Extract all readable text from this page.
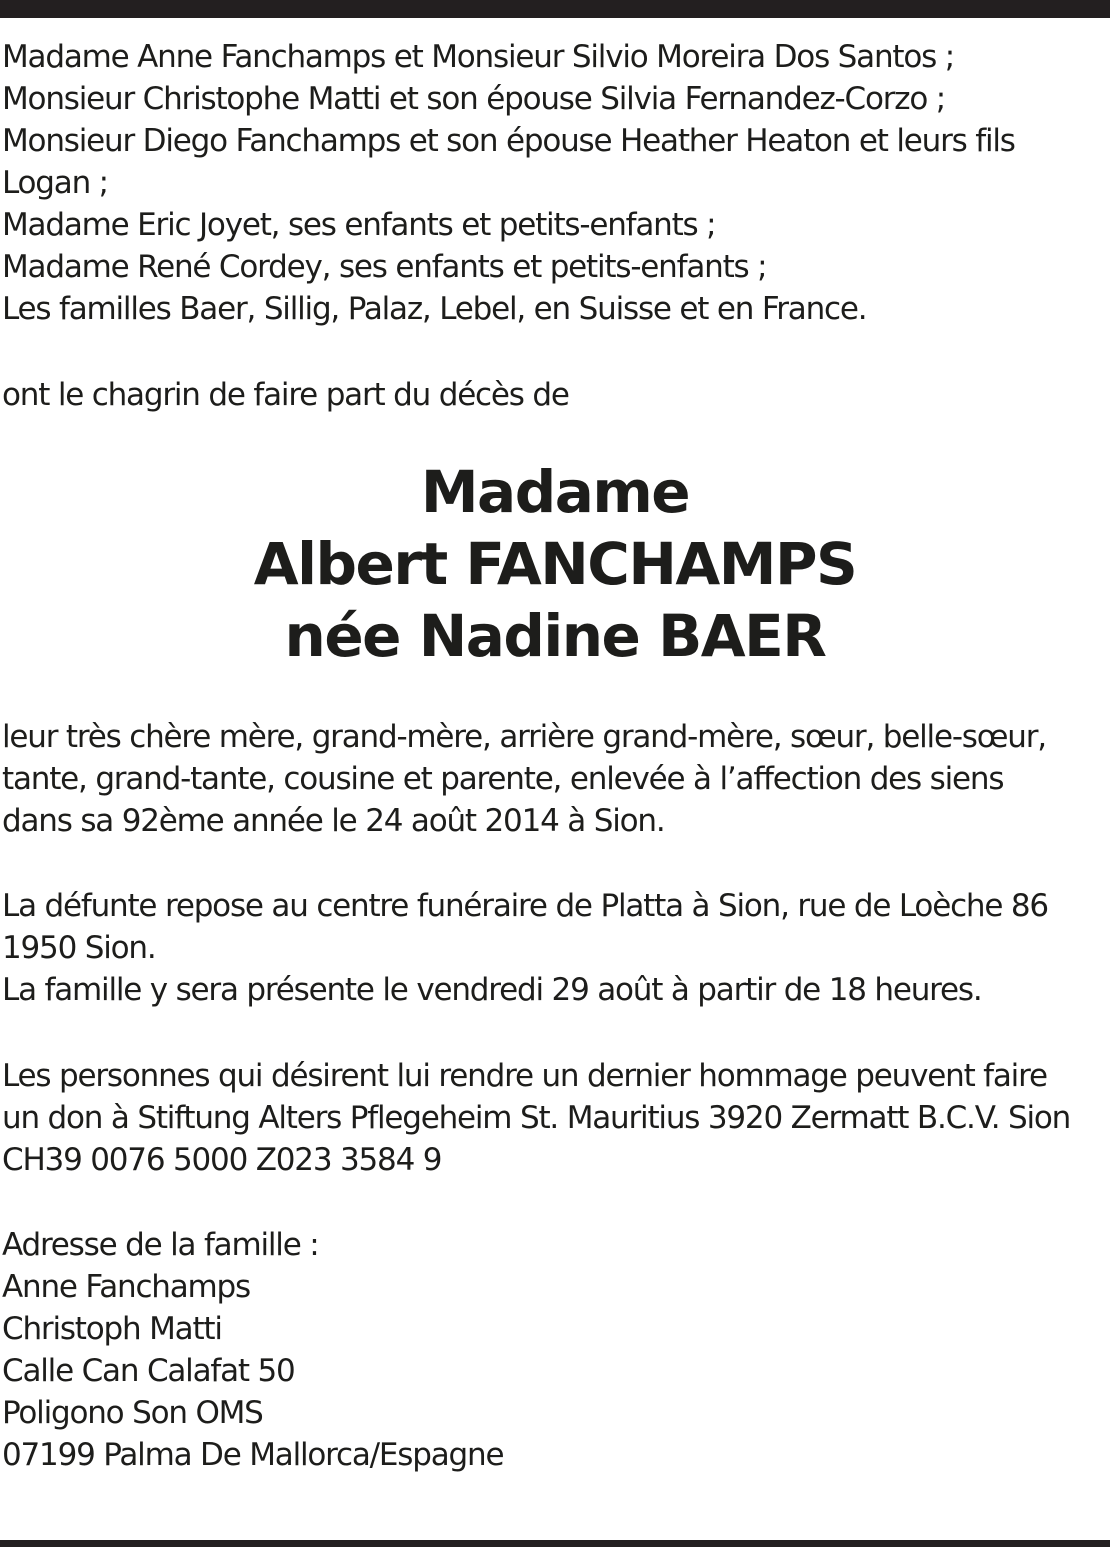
Madame Anne Fanchamps et Monsieur Silvio Moreira Dos Santos ;
Monsieur Christophe Matti et son épouse Silvia Fernandez-Corzo ;
Monsieur Diego Fanchamps et son épouse Heather Heaton et leurs fils
Logan ;
Madame Eric Joyet, ses enfants et petits-enfants ;
Madame René Cordey, ses enfants et petits-enfants ;
Les familles Baer, Sillig, Palaz, Lebel, en Suisse et en France.
ont le chagrin de faire part du décès de
Madame
Albert FANCHAMPS
née Nadine BAER
leur très chère mère, grand-mère, arrière grand-mère, sœur, belle-sœur,
tante, grand-tante, cousine et parente, enlevée à l’affection des siens
dans sa 92ème année le 24 août 2014 à Sion.
La défunte repose au centre funéraire de Platta à Sion, rue de Loèche 86
1950 Sion.
La famille y sera présente le vendredi 29 août à partir de 18 heures.
Les personnes qui désirent lui rendre un dernier hommage peuvent faire
un don à Stiftung Alters Pflegeheim St. Mauritius 3920 Zermatt B.C.V. Sion
CH39 0076 5000 Z023 3584 9
Adresse de la famille :
Anne Fanchamps
Christoph Matti
Calle Can Calafat 50
Poligono Son OMS
07199 Palma De Mallorca/Espagne
